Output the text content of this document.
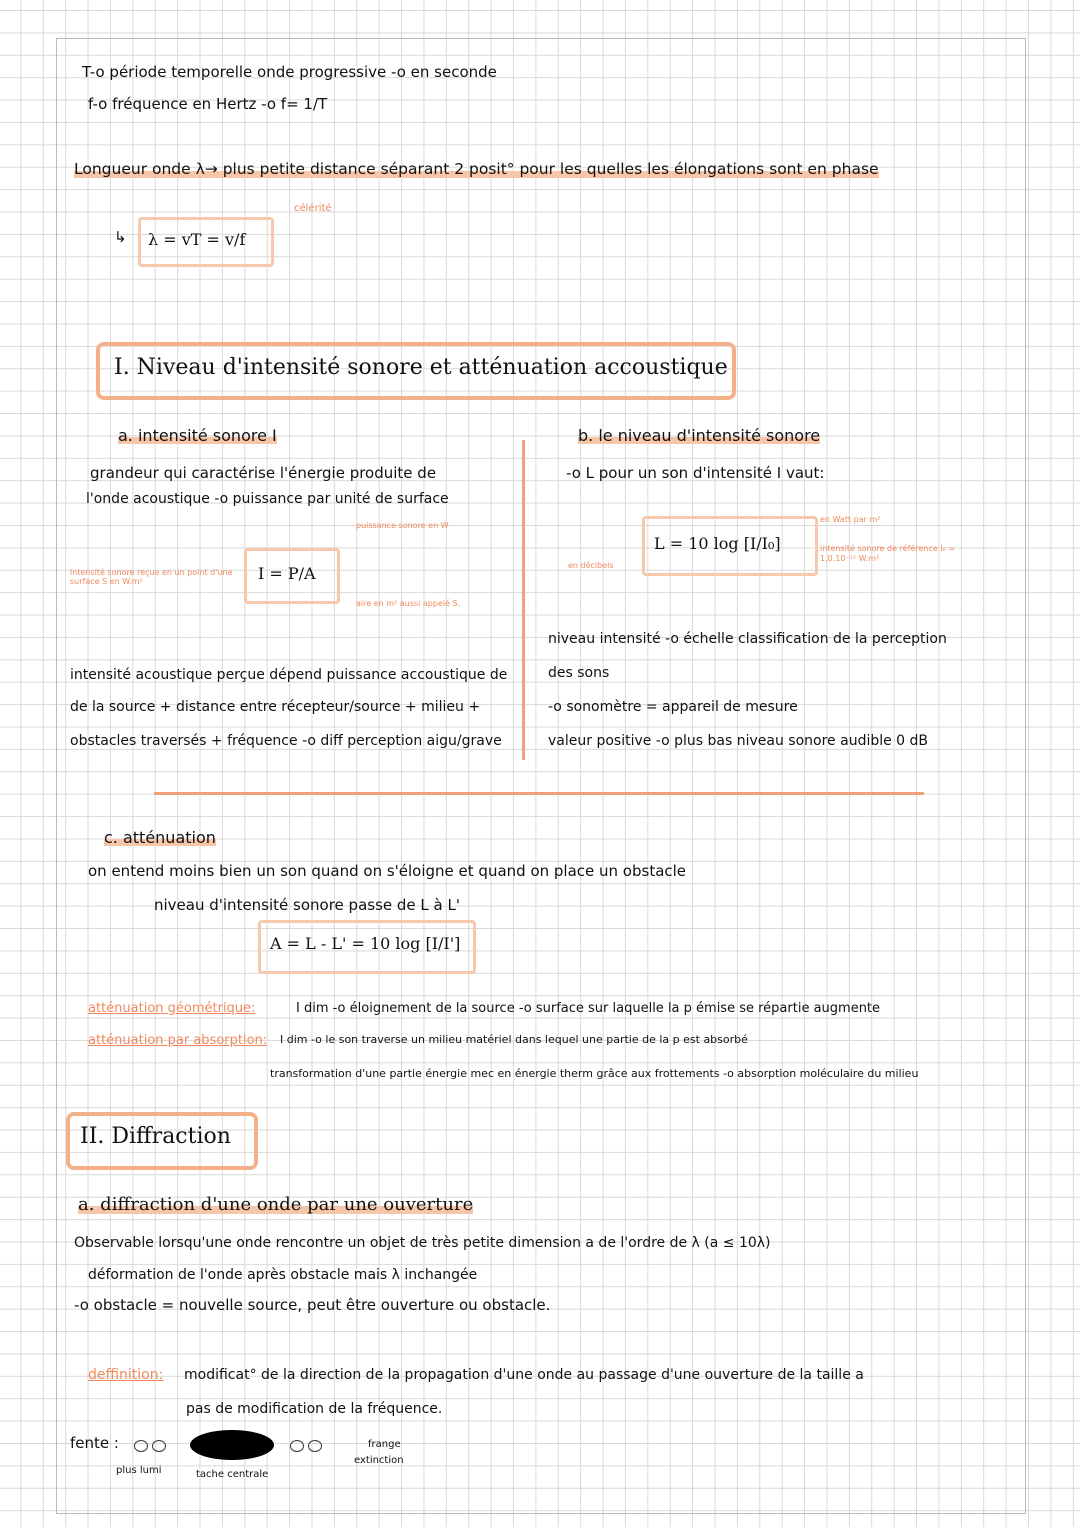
T-o période temporelle onde progressive -o en seconde
f-o fréquence en Hertz -o f= 1/T
Longueur onde λ→ plus petite distance séparant 2 posit° pour les quelles les élongations sont en phase
célérité
↳ λ = vT = v/f
I. Niveau d'intensité sonore et atténuation accoustique
a. intensité sonore I
grandeur qui caractérise l'énergie produite de
l'onde acoustique -o puissance par unité de surface
I = P/A
puissance sonore en W
intensité sonore reçue en un point d'une surface S en W.m²
aire en m² aussi appelé S.
intensité acoustique perçue dépend puissance accoustique de
de la source + distance entre récepteur/source + milieu +
obstacles traversés + fréquence -o diff perception aigu/grave
b. le niveau d'intensité sonore
-o L pour un son d'intensité I vaut:
L = 10 log [I/I₀]
en décibels
en Watt par m²
intensité sonore de référence I₀ = 1,0.10⁻¹² W.m²
niveau intensité -o échelle classification de la perception
des sons
-o sonomètre = appareil de mesure
valeur positive -o plus bas niveau sonore audible 0 dB
c. atténuation
on entend moins bien un son quand on s'éloigne et quand on place un obstacle
niveau d'intensité sonore passe de L à L'
A = L - L' = 10 log [I/I']
atténuation géométrique:	I dim -o éloignement de la source -o surface sur laquelle la p émise se répartie augmente
atténuation par absorption: I dim -o le son traverse un milieu matériel dans lequel une partie de la p est absorbé
transformation d'une partie énergie mec en énergie therm grâce aux frottements -o absorption moléculaire du milieu
II. Diffraction
a. diffraction d'une onde par une ouverture
Observable lorsqu'une onde rencontre un objet de très petite dimension a de l'ordre de λ (a ≤ 10λ)
déformation de l'onde après obstacle mais λ inchangée
-o obstacle = nouvelle source, peut être ouverture ou obstacle.
deffinition: modificat° de la direction de la propagation d'une onde au passage d'une ouverture de la taille a
pas de modification de la fréquence.
fente :
plus lumi	tache centrale
frange
extinction
